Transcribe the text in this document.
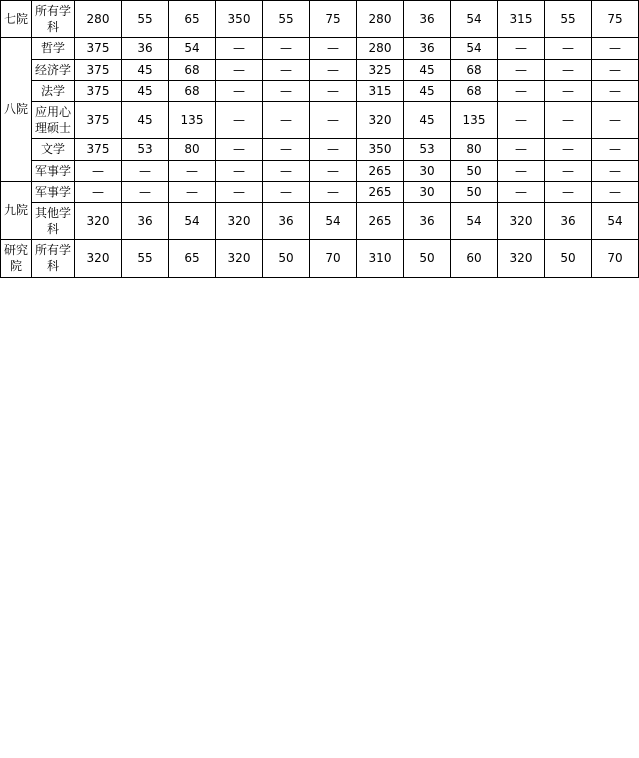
七院	所有学科	280	55	65	350	55	75	280	36	54	315	55	75

八院	哲学	375	36	54	—	—	—	280	36	54	—	—	—

	经济学	375	45	68	—	—	—	325	45	68	—	—	—

	法学	375	45	68	—	—	—	315	45	68	—	—	—

	应用心理硕士	375	45	135	—	—	—	320	45	135	—	—	—

	文学	375	53	80	—	—	—	350	53	80	—	—	—

	军事学	—	—	—	—	—	—	265	30	50	—	—	—

九院	军事学	—	—	—	—	—	—	265	30	50	—	—	—

	其他学科	320	36	54	320	36	54	265	36	54	320	36	54

研究院	所有学科	320	55	65	320	50	70	310	50	60	320	50	70
